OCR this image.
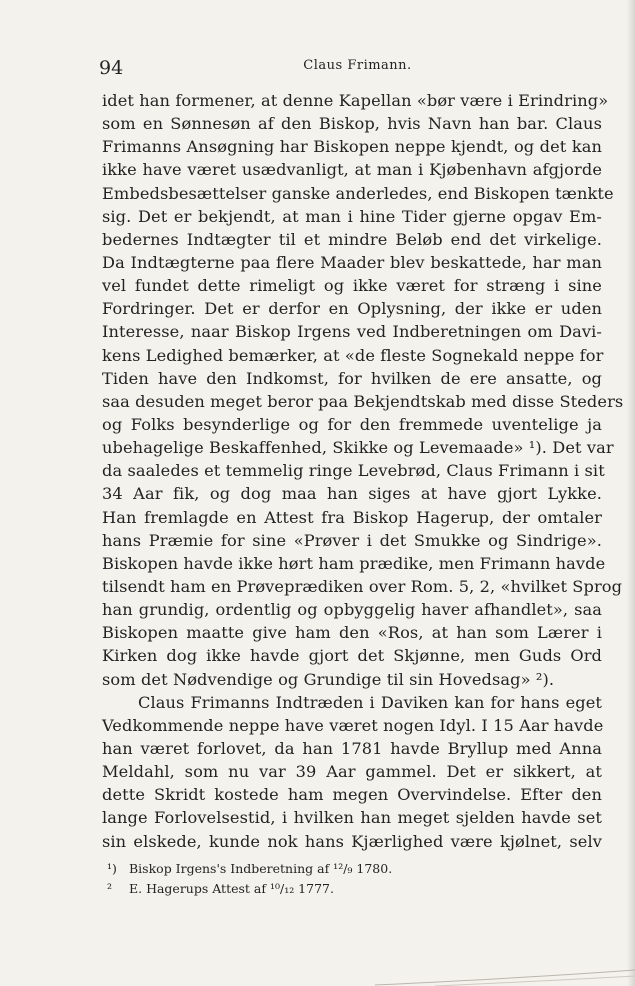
94	Claus Frimann.
idet han formener, at denne Kapellan «bør være i Erindring»
som en Sønnesøn af den Biskop, hvis Navn han bar. Claus
Frimanns Ansøgning har Biskopen neppe kjendt, og det kan
ikke have været usædvanligt, at man i Kjøbenhavn afgjorde
Embedsbesættelser ganske anderledes, end Biskopen tænkte
sig. Det er bekjendt, at man i hine Tider gjerne opgav Em-
bedernes Indtægter til et mindre Beløb end det virkelige.
Da Indtægterne paa flere Maader blev beskattede, har man
vel fundet dette rimeligt og ikke været for stræng i sine
Fordringer. Det er derfor en Oplysning, der ikke er uden
Interesse, naar Biskop Irgens ved Indberetningen om Davi-
kens Ledighed bemærker, at «de fleste Sognekald neppe for
Tiden have den Indkomst, for hvilken de ere ansatte, og
saa desuden meget beror paa Bekjendtskab med disse Steders
og Folks besynderlige og for den fremmede uventelige ja
ubehagelige Beskaffenhed, Skikke og Levemaade» ¹). Det var
da saaledes et temmelig ringe Levebrød, Claus Frimann i sit
34 Aar fik, og dog maa han siges at have gjort Lykke.
Han fremlagde en Attest fra Biskop Hagerup, der omtaler
hans Præmie for sine «Prøver i det Smukke og Sindrige».
Biskopen havde ikke hørt ham prædike, men Frimann havde
tilsendt ham en Prøveprædiken over Rom. 5, 2, «hvilket Sprog
han grundig, ordentlig og opbyggelig haver afhandlet», saa
Biskopen maatte give ham den «Ros, at han som Lærer i
Kirken dog ikke havde gjort det Skjønne, men Guds Ord
som det Nødvendige og Grundige til sin Hovedsag» ²).
Claus Frimanns Indtræden i Daviken kan for hans eget
Vedkommende neppe have været nogen Idyl. I 15 Aar havde
han været forlovet, da han 1781 havde Bryllup med Anna
Meldahl, som nu var 39 Aar gammel. Det er sikkert, at
dette Skridt kostede ham megen Overvindelse. Efter den
lange Forlovelsestid, i hvilken han meget sjelden havde set
sin elskede, kunde nok hans Kjærlighed være kjølnet, selv
¹) Biskop Irgens's Indberetning af ¹²/₉ 1780.
² E. Hagerups Attest af ¹⁰/₁₂ 1777.
